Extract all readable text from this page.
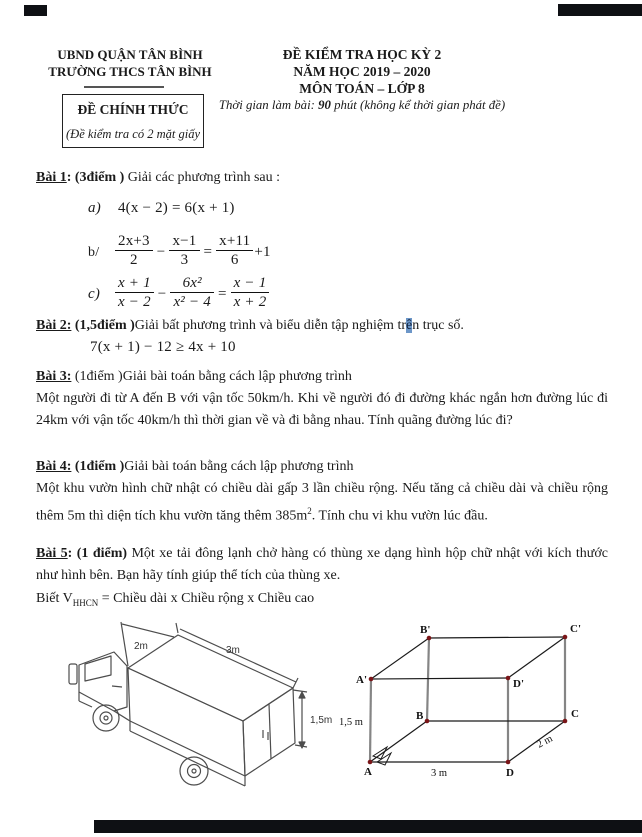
UBND QUẬN TÂN BÌNH
TRƯỜNG THCS TÂN BÌNH
ĐỀ CHÍNH THỨC
(Đề kiểm tra có 2 mặt giấy
ĐỀ KIỂM TRA HỌC KỲ 2
NĂM HỌC 2019 – 2020
MÔN TOÁN – LỚP 8
Thời gian làm bài: 90 phút (không kể thời gian phát đề)
Bài 1: (3điểm ) Giải các phương trình sau :
a) 4(x − 2) = 6(x + 1)
$b/ \frac{2x+3}{2} - \frac{x-1}{3} = \frac{x+11}{6} +1$
$c) \frac{x + 1}{x - 2} - \frac{\text{6x²}}{\text{x² − 4}} = \frac{x - 1}{x + 2}$
Bài 2: (1,5điểm )Giải bất phương trình và biểu diễn tập nghiệm trên trục số.
7(x + 1) − 12 ≥ 4x + 10
Bài 3: (1điểm )Giải bài toán bằng cách lập phương trình
Một người đi từ A đến B với vận tốc 50km/h. Khi về người đó đi đường khác ngắn hơn đường lúc đi 24km với vận tốc 40km/h thì thời gian về và đi bằng nhau. Tính quãng đường lúc đi?
Bài 4: (1điểm )Giải bài toán bằng cách lập phương trình
Một khu vườn hình chữ nhật có chiều dài gấp 3 lần chiều rộng. Nếu tăng cả chiều dài và chiều rộng thêm 5m thì diện tích khu vườn tăng thêm $385m^2$. Tính chu vi khu vườn lúc đầu.
Bài 5: (1 điểm) Một xe tải đông lạnh chở hàng có thùng xe dạng hình hộp chữ nhật với kích thước như hình bên. Bạn hãy tính giúp thể tích của thùng xe.
Biết $V_{HHCN}$ = Chiều dài x Chiều rộng x Chiều cao
2m	3m
1,5m
A
B	C
D
A'
B'	C'
D'
1,5 m
3 m
2 m
